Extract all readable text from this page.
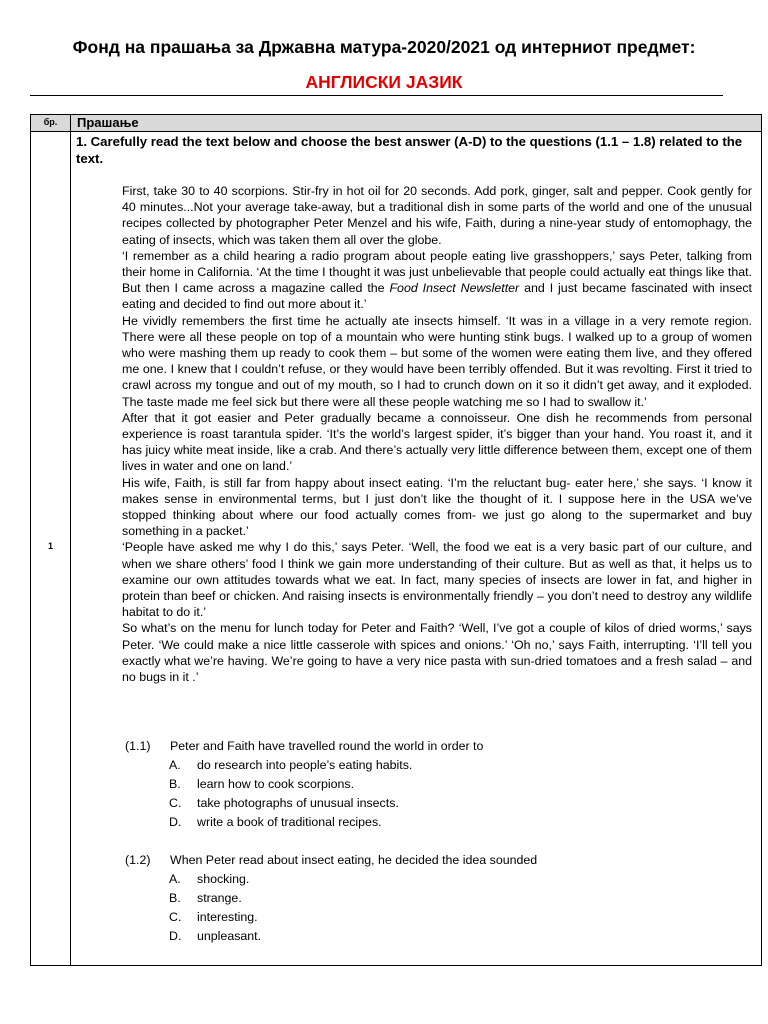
Фонд на прашања за Државна матура-2020/2021 од интерниот предмет:
АНГЛИСКИ ЈАЗИК
бр.	Прашање
1
1. Carefully read the text below and choose the best answer (A-D) to the questions (1.1 – 1.8) related to the text.

First, take 30 to 40 scorpions. Stir-fry in hot oil for 20 seconds. Add pork, ginger, salt and pepper. Cook gently for 40 minutes...Not your average take-away, but a traditional dish in some parts of the world and one of the unusual recipes collected by photographer Peter Menzel and his wife, Faith, during a nine-year study of entomophagy, the eating of insects, which was taken them all over the globe.

‘I remember as a child hearing a radio program about people eating live grasshoppers,’ says Peter, talking from their home in California. ‘At the time I thought it was just unbelievable that people could actually eat things like that. But then I came across a magazine called the Food Insect Newsletter and I just became fascinated with insect eating and decided to find out more about it.’

He vividly remembers the first time he actually ate insects himself. ‘It was in a village in a very remote region. There were all these people on top of a mountain who were hunting stink bugs. I walked up to a group of women who were mashing them up ready to cook them – but some of the women were eating them live, and they offered me one. I knew that I couldn’t refuse, or they would have been terribly offended. But it was revolting. First it tried to crawl across my tongue and out of my mouth, so I had to crunch down on it so it didn’t get away, and it exploded. The taste made me feel sick but there were all these people watching me so I had to swallow it.’

After that it got easier and Peter gradually became a connoisseur. One dish he recommends from personal experience is roast tarantula spider. ‘It’s the world’s largest spider, it’s bigger than your hand. You roast it, and it has juicy white meat inside, like a crab. And there’s actually very little difference between them, except one of them lives in water and one on land.’

His wife, Faith, is still far from happy about insect eating. ‘I’m the reluctant bug- eater here,’ she says. ‘I know it makes sense in environmental terms, but I just don’t like the thought of it. I suppose here in the USA we’ve stopped thinking about where our food actually comes from- we just go along to the supermarket and buy something in a packet.’

‘People have asked me why I do this,’ says Peter. ‘Well, the food we eat is a very basic part of our culture, and when we share others’ food I think we gain more understanding of their culture. But as well as that, it helps us to examine our own attitudes towards what we eat. In fact, many species of insects are lower in fat, and higher in protein than beef or chicken. And raising insects is environmentally friendly – you don’t need to destroy any wildlife habitat to do it.’

So what’s on the menu for lunch today for Peter and Faith? ‘Well, I’ve got a couple of kilos of dried worms,’ says Peter. ‘We could make a nice little casserole with spices and onions.’ ‘Oh no,’ says Faith, interrupting. ‘I’ll tell you exactly what we’re having. We’re going to have a very nice pasta with sun-dried tomatoes and a fresh salad – and no bugs in it .’

(1.1) Peter and Faith have travelled round the world in order to
A. do research into people’s eating habits.
B. learn how to cook scorpions.
C. take photographs of unusual insects.
D. write a book of traditional recipes.
(1.2) When Peter read about insect eating, he decided the idea sounded
A. shocking.
B. strange.
C. interesting.
D. unpleasant.
